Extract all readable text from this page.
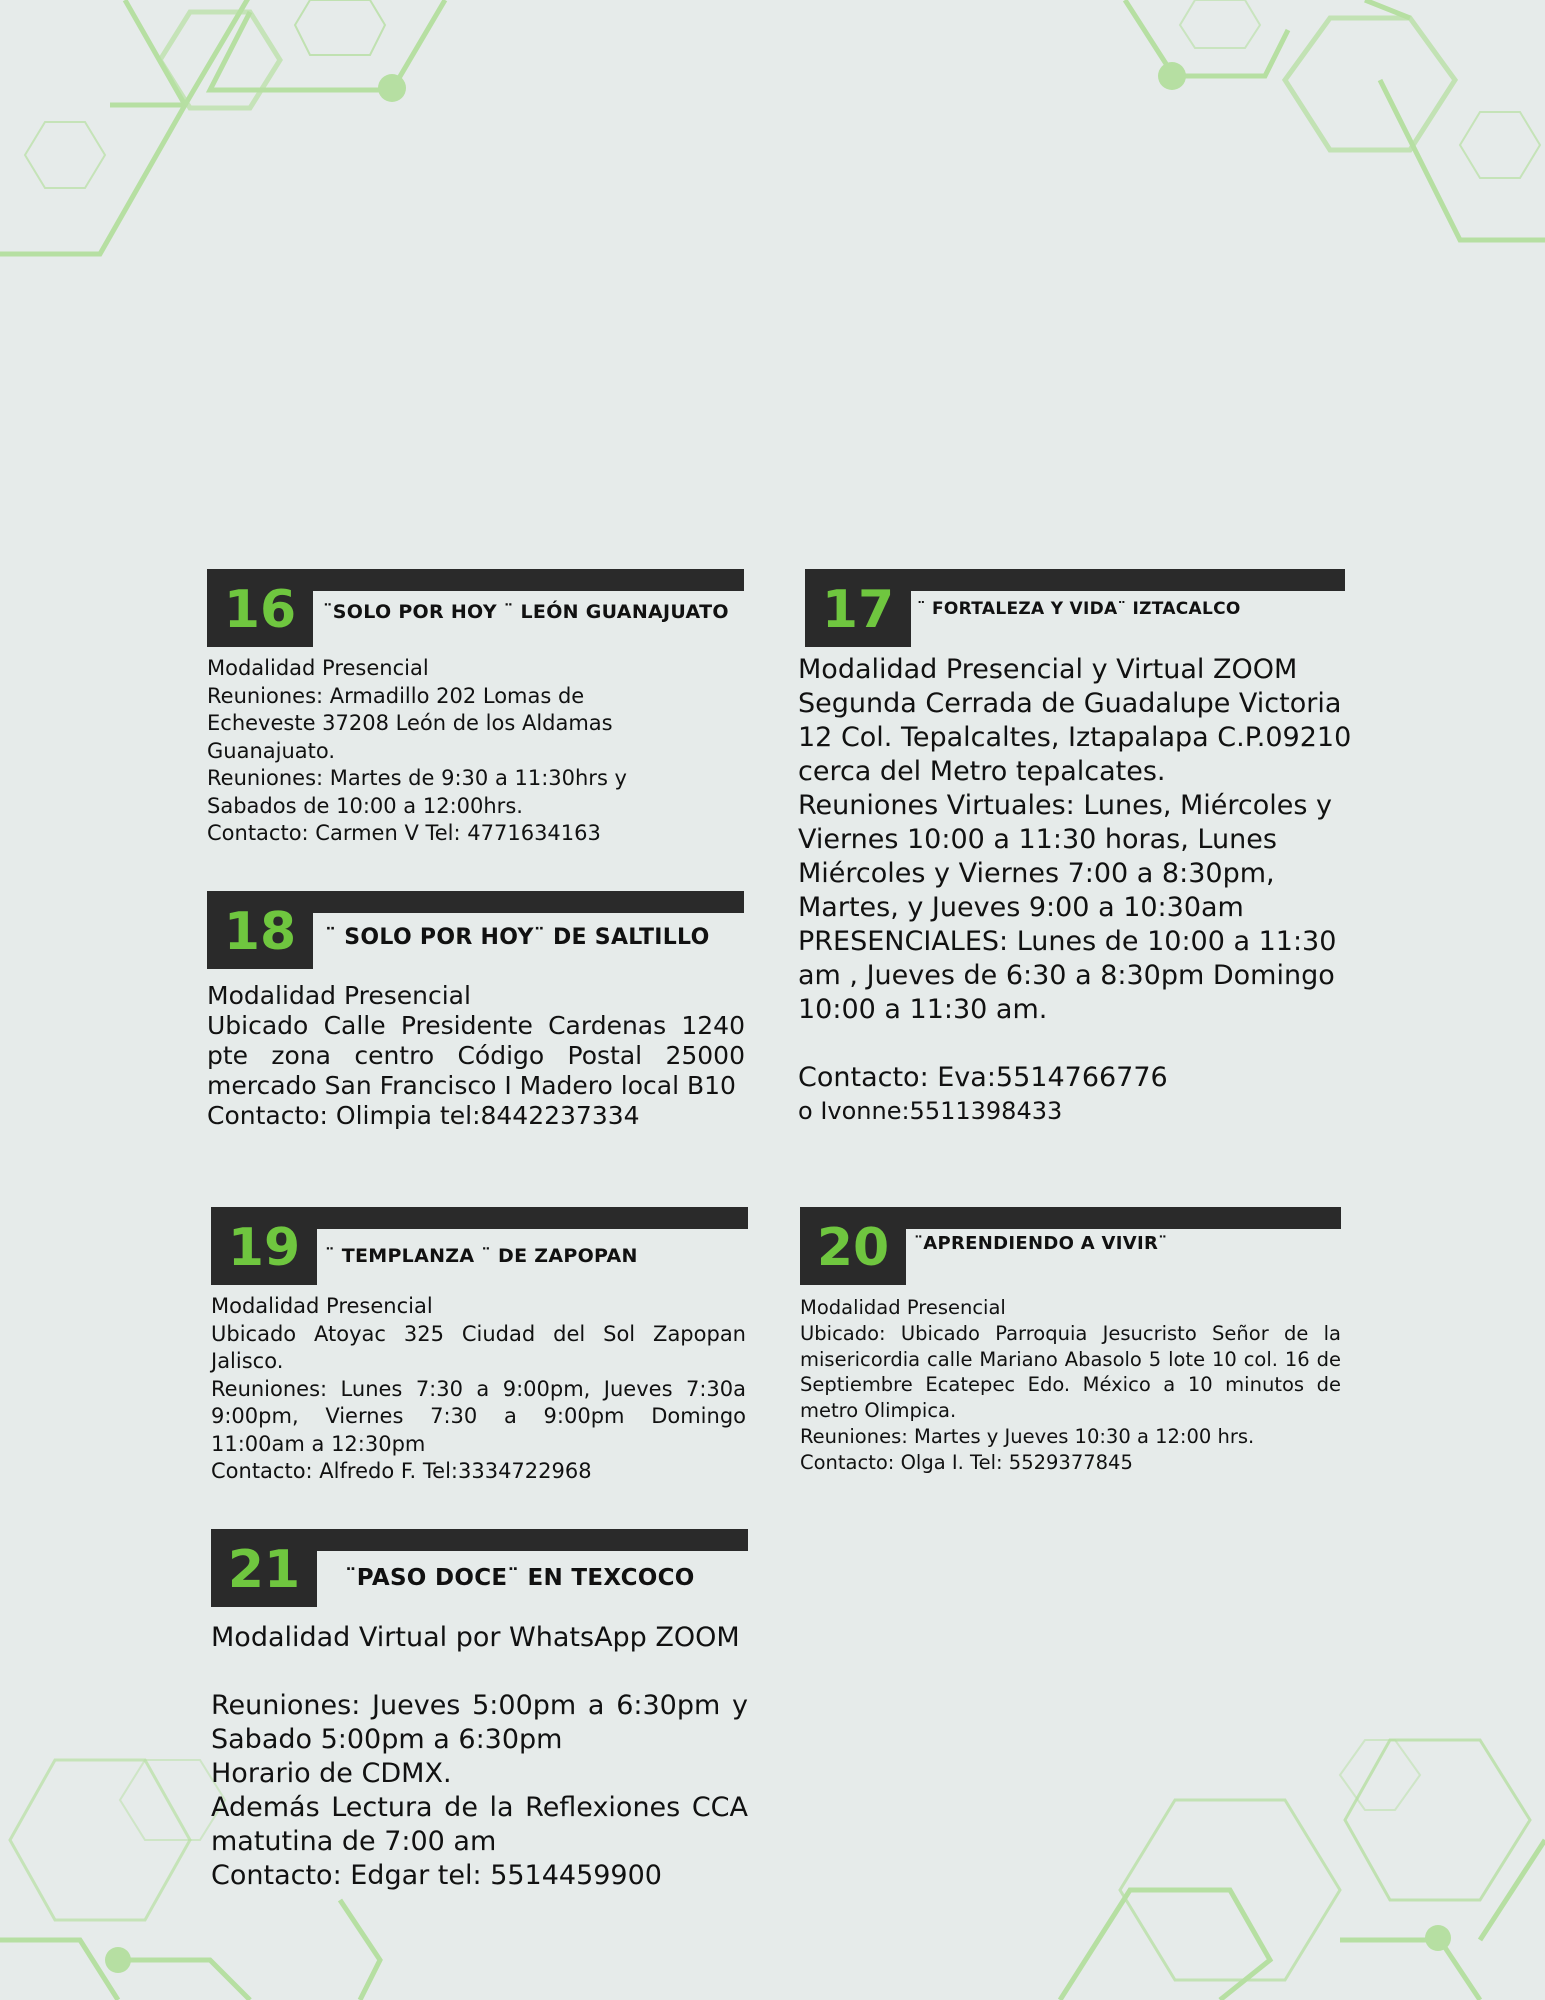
16	¨SOLO POR HOY ¨ LEÓN GUANAJUATO

Modalidad Presencial

Reuniones: Armadillo 202 Lomas de Echeveste 37208 León de los Aldamas Guanajuato.

Reuniones: Martes de 9:30 a 11:30hrs y Sabados de 10:00 a 12:00hrs.

Contacto: Carmen V Tel: 4771634163

17	¨ FORTALEZA Y VIDA¨ IZTACALCO

Modalidad Presencial y Virtual ZOOM

Segunda Cerrada de Guadalupe Victoria 12 Col. Tepalcaltes, Iztapalapa C.P.09210 cerca del Metro tepalcates.

Reuniones Virtuales: Lunes, Miércoles y Viernes 10:00 a 11:30 horas, Lunes Miércoles y Viernes 7:00 a 8:30pm, Martes, y Jueves 9:00 a 10:30am

PRESENCIALES: Lunes de 10:00 a 11:30 am , Jueves de 6:30 a 8:30pm Domingo 10:00 a 11:30 am.

Contacto: Eva:5514766776

o Ivonne:5511398433

18	¨ SOLO POR HOY¨ DE SALTILLO

Modalidad Presencial

Ubicado Calle Presidente Cardenas 1240 pte zona centro Código Postal 25000 mercado San Francisco I Madero local B10

Contacto: Olimpia tel:8442237334

19	¨ TEMPLANZA ¨ DE ZAPOPAN

Modalidad Presencial

Ubicado Atoyac 325 Ciudad del Sol Zapopan Jalisco.

Reuniones: Lunes 7:30 a 9:00pm, Jueves 7:30a 9:00pm, Viernes 7:30 a 9:00pm Domingo 11:00am a 12:30pm

Contacto: Alfredo F. Tel:3334722968

20	¨APRENDIENDO A VIVIR¨

Modalidad Presencial

Ubicado: Ubicado Parroquia Jesucristo Señor de la misericordia calle Mariano Abasolo 5 lote 10 col. 16 de Septiembre Ecatepec Edo. México a 10 minutos de metro Olimpica.

Reuniones: Martes y Jueves 10:30 a 12:00 hrs.

Contacto: Olga I. Tel: 5529377845

21	¨PASO DOCE¨ EN TEXCOCO

Modalidad Virtual por WhatsApp ZOOM

Reuniones: Jueves 5:00pm a 6:30pm y Sabado 5:00pm a 6:30pm

Horario de CDMX.

Además Lectura de la Reflexiones CCA matutina de 7:00 am

Contacto: Edgar tel: 5514459900
